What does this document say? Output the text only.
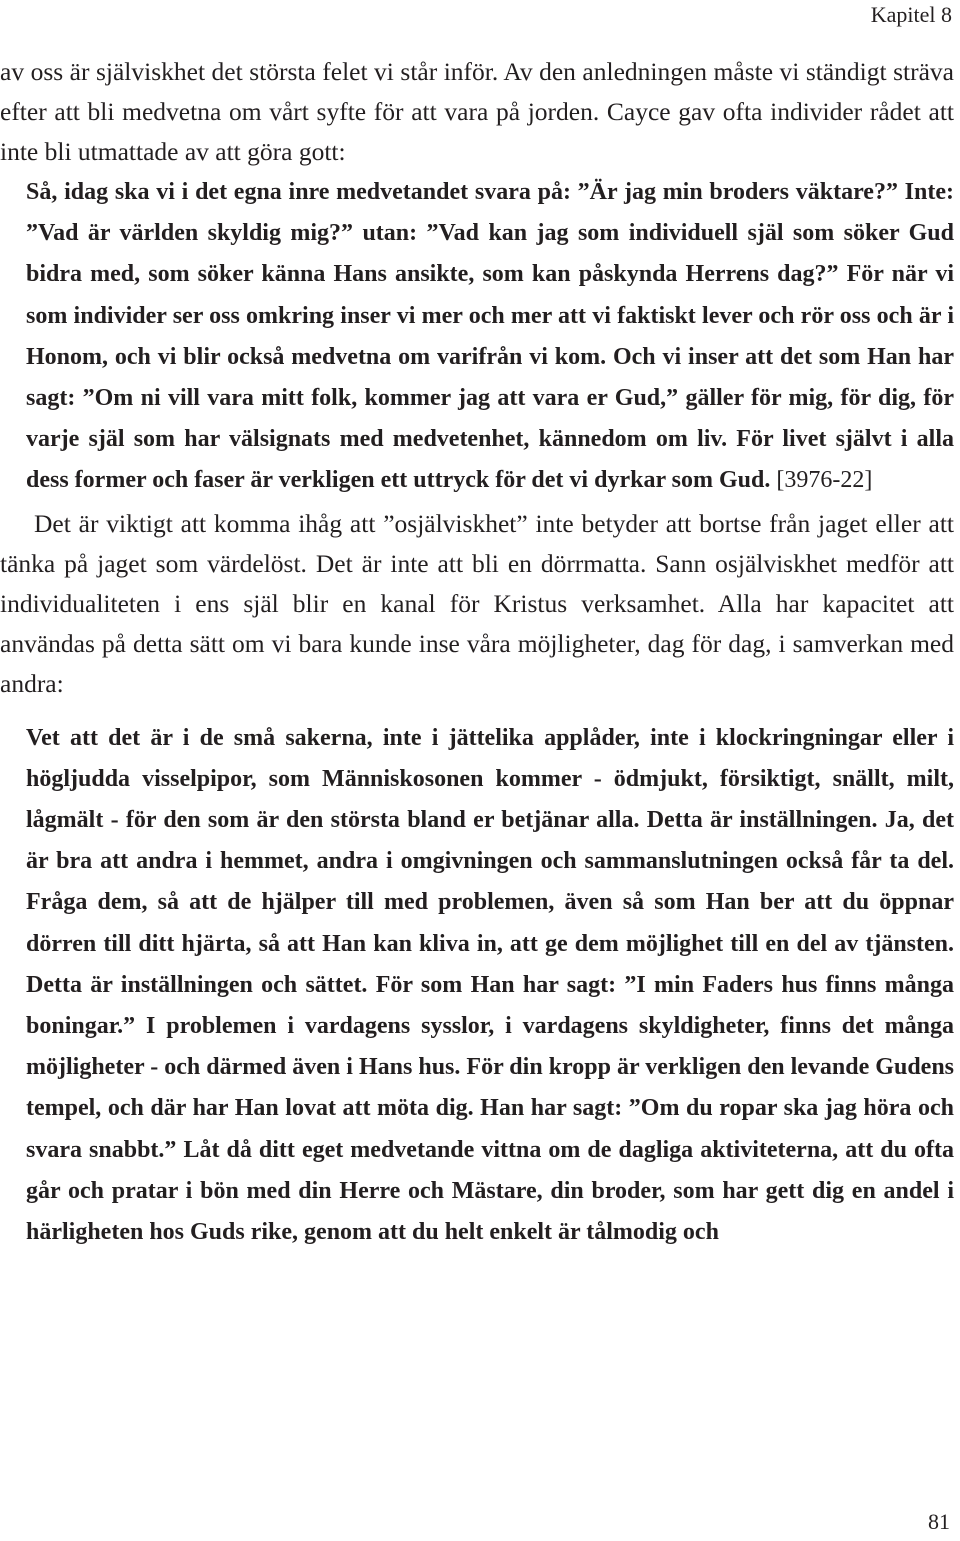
Kapitel 8

av oss är själviskhet det största felet vi står inför. Av den anledningen måste vi ständigt sträva efter att bli medvetna om vårt syfte för att vara på jorden. Cayce gav ofta individer rådet att inte bli utmattade av att göra gott:

Så, idag ska vi i det egna inre medvetandet svara på: ”Är jag min broders väktare?” Inte: ”Vad är världen skyldig mig?” utan: ”Vad kan jag som individuell själ som söker Gud bidra med, som söker känna Hans ansikte, som kan påskynda Herrens dag?” För när vi som individer ser oss omkring inser vi mer och mer att vi faktiskt lever och rör oss och är i Honom, och vi blir också medvetna om varifrån vi kom. Och vi inser att det som Han har sagt: ”Om ni vill vara mitt folk, kommer jag att vara er Gud,” gäller för mig, för dig, för varje själ som har välsignats med medvetenhet, kännedom om liv. För livet självt i alla dess former och faser är verkligen ett uttryck för det vi dyrkar som Gud. [3976-22]

Det är viktigt att komma ihåg att ”osjälviskhet” inte betyder att bortse från jaget eller att tänka på jaget som värdelöst. Det är inte att bli en dörrmatta. Sann osjälviskhet medför att individualiteten i ens själ blir en kanal för Kristus verksamhet. Alla har kapacitet att användas på detta sätt om vi bara kunde inse våra möjligheter, dag för dag, i samverkan med andra:

Vet att det är i de små sakerna, inte i jättelika applåder, inte i klockringningar eller i högljudda visselpipor, som Människosonen kommer - ödmjukt, försiktigt, snällt, milt, lågmält - för den som är den största bland er betjänar alla. Detta är inställningen. Ja, det är bra att andra i hemmet, andra i omgivningen och sammanslutningen också får ta del. Fråga dem, så att de hjälper till med problemen, även så som Han ber att du öppnar dörren till ditt hjärta, så att Han kan kliva in, att ge dem möjlighet till en del av tjänsten. Detta är inställningen och sättet. För som Han har sagt: ”I min Faders hus finns många boningar.” I problemen i vardagens sysslor, i vardagens skyldigheter, finns det många möjligheter - och därmed även i Hans hus. För din kropp är verkligen den levande Gudens tempel, och där har Han lovat att möta dig. Han har sagt: ”Om du ropar ska jag höra och svara snabbt.” Låt då ditt eget medvetande vittna om de dagliga aktiviteterna, att du ofta går och pratar i bön med din Herre och Mästare, din broder, som har gett dig en andel i härligheten hos Guds rike, genom att du helt enkelt är tålmodig och

81
